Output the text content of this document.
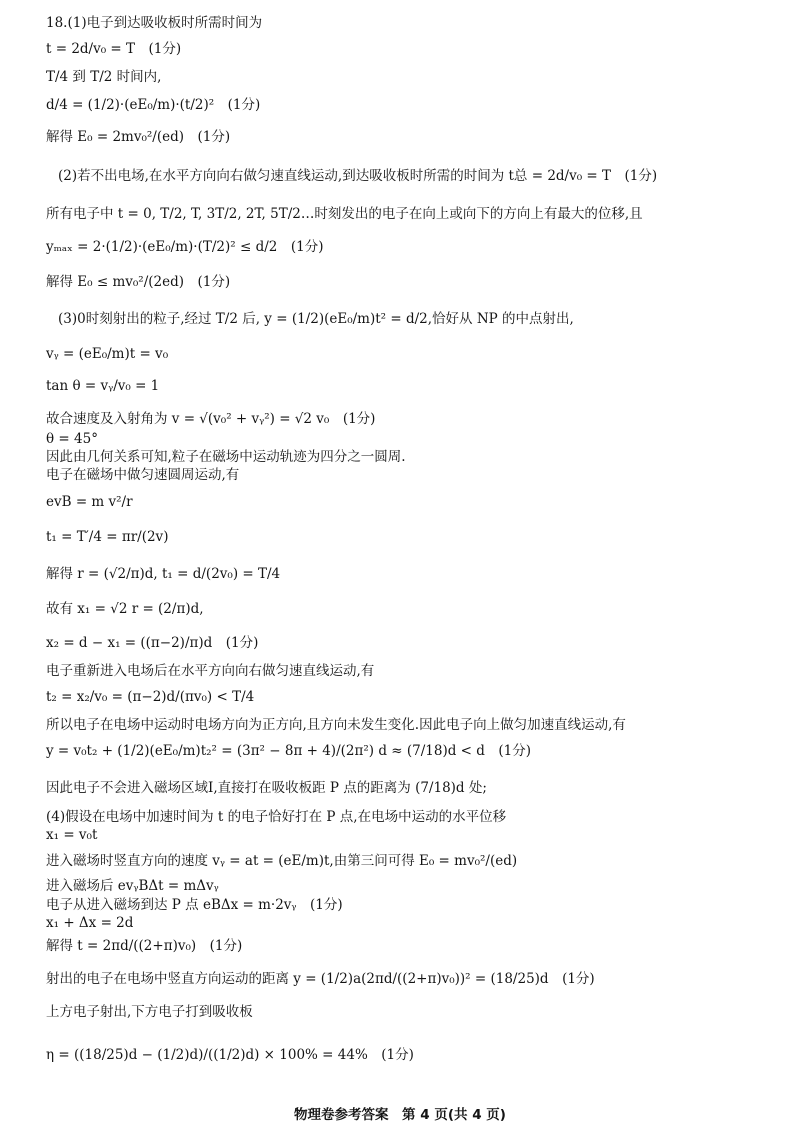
18.(1)电子到达吸收板时所需时间为
t = 2d/v₀ = T　(1分)
T/4 到 T/2 时间内,
d/4 = (1/2)·(eE₀/m)·(t/2)²　(1分)
解得 E₀ = 2mv₀²/(ed)　(1分)
(2)若不出电场,在水平方向向右做匀速直线运动,到达吸收板时所需的时间为 t总 = 2d/v₀ = T　(1分)
所有电子中 t = 0, T/2, T, 3T/2, 2T, 5T/2…时刻发出的电子在向上或向下的方向上有最大的位移,且
yₘₐₓ = 2·(1/2)·(eE₀/m)·(T/2)² ≤ d/2　(1分)
解得 E₀ ≤ mv₀²/(2ed)　(1分)
(3)0时刻射出的粒子,经过 T/2 后, y = (1/2)(eE₀/m)t² = d/2,恰好从 NP 的中点射出,
vᵧ = (eE₀/m)t = v₀
tan θ = vᵧ/v₀ = 1
故合速度及入射角为 v = √(v₀² + vᵧ²) = √2 v₀　(1分)
θ = 45°
因此由几何关系可知,粒子在磁场中运动轨迹为四分之一圆周.
电子在磁场中做匀速圆周运动,有
evB = m v²/r
t₁ = T′/4 = πr/(2v)
解得 r = (√2/π)d, t₁ = d/(2v₀) = T/4
故有 x₁ = √2 r = (2/π)d,
x₂ = d − x₁ = ((π−2)/π)d　(1分)
电子重新进入电场后在水平方向向右做匀速直线运动,有
t₂ = x₂/v₀ = (π−2)d/(πv₀) < T/4
所以电子在电场中运动时电场方向为正方向,且方向未发生变化.因此电子向上做匀加速直线运动,有
y = v₀t₂ + (1/2)(eE₀/m)t₂² = (3π² − 8π + 4)/(2π²) d ≈ (7/18)d < d　(1分)
因此电子不会进入磁场区域Ⅰ,直接打在吸收板距 P 点的距离为 (7/18)d 处;
(4)假设在电场中加速时间为 t 的电子恰好打在 P 点,在电场中运动的水平位移
x₁ = v₀t
进入磁场时竖直方向的速度 vᵧ = at = (eE/m)t,由第三问可得 E₀ = mv₀²/(ed)
进入磁场后 evᵧBΔt = mΔvᵧ
电子从进入磁场到达 P 点 eBΔx = m·2vᵧ　(1分)
x₁ + Δx = 2d
解得 t = 2πd/((2+π)v₀)　(1分)
射出的电子在电场中竖直方向运动的距离 y = (1/2)a(2πd/((2+π)v₀))² = (18/25)d　(1分)
上方电子射出,下方电子打到吸收板
η = ((18/25)d − (1/2)d)/((1/2)d) × 100% = 44%　(1分)
物理卷参考答案　第 4 页(共 4 页)
